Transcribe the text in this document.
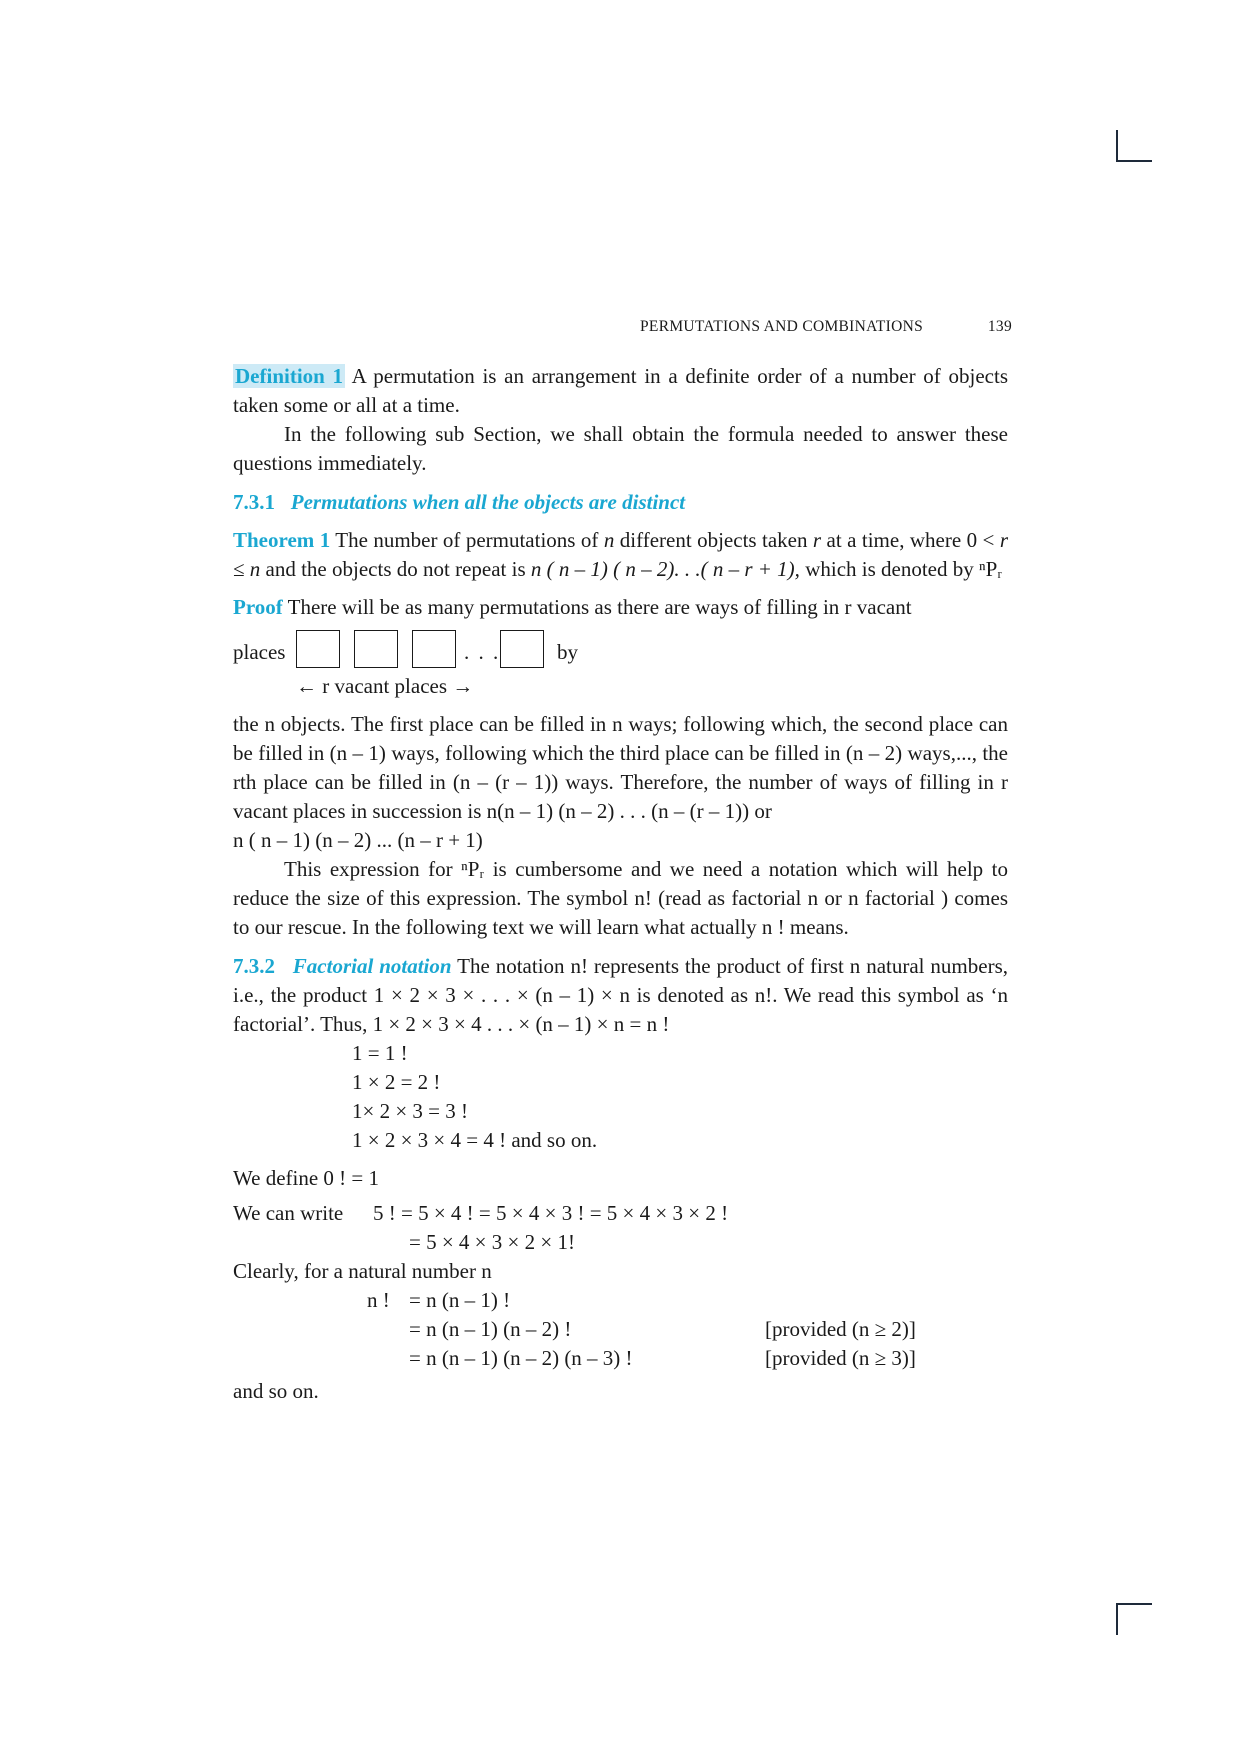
PERMUTATIONS AND COMBINATIONS	139

Definition 1 A permutation is an arrangement in a definite order of a number of objects taken some or all at a time.

In the following sub Section, we shall obtain the formula needed to answer these questions immediately.

7.3.1 Permutations when all the objects are distinct

Theorem 1 The number of permutations of n different objects taken r at a time, where 0 < r ≤ n and the objects do not repeat is n ( n – 1) ( n – 2). . .( n – r + 1), which is denoted by ⁿPᵣ

Proof There will be as many permutations as there are ways of filling in r vacant

places	. . .	by

← r vacant places →

the n objects. The first place can be filled in n ways; following which, the second place can be filled in (n – 1) ways, following which the third place can be filled in (n – 2) ways,..., the rth place can be filled in (n – (r – 1)) ways. Therefore, the number of ways of filling in r vacant places in succession is n(n – 1) (n – 2) . . . (n – (r – 1)) or

n ( n – 1) (n – 2) ... (n – r + 1)

This expression for ⁿPᵣ is cumbersome and we need a notation which will help to reduce the size of this expression. The symbol n! (read as factorial n or n factorial ) comes to our rescue. In the following text we will learn what actually n ! means.

7.3.2 Factorial notation The notation n! represents the product of first n natural numbers, i.e., the product 1 × 2 × 3 × . . . × (n – 1) × n is denoted as n!. We read this symbol as ‘n factorial’. Thus, 1 × 2 × 3 × 4 . . . × (n – 1) × n = n !

1 = 1 !
1 × 2 = 2 !
1× 2 × 3 = 3 !
1 × 2 × 3 × 4 = 4 ! and so on.

We define 0 ! = 1

We can write 5 ! = 5 × 4 ! = 5 × 4 × 3 ! = 5 × 4 × 3 × 2 !
= 5 × 4 × 3 × 2 × 1!

Clearly, for a natural number n

n ! = n (n – 1) !
= n (n – 1) (n – 2) !	[provided (n ≥ 2)]
= n (n – 1) (n – 2) (n – 3) !	[provided (n ≥ 3)]

and so on.
